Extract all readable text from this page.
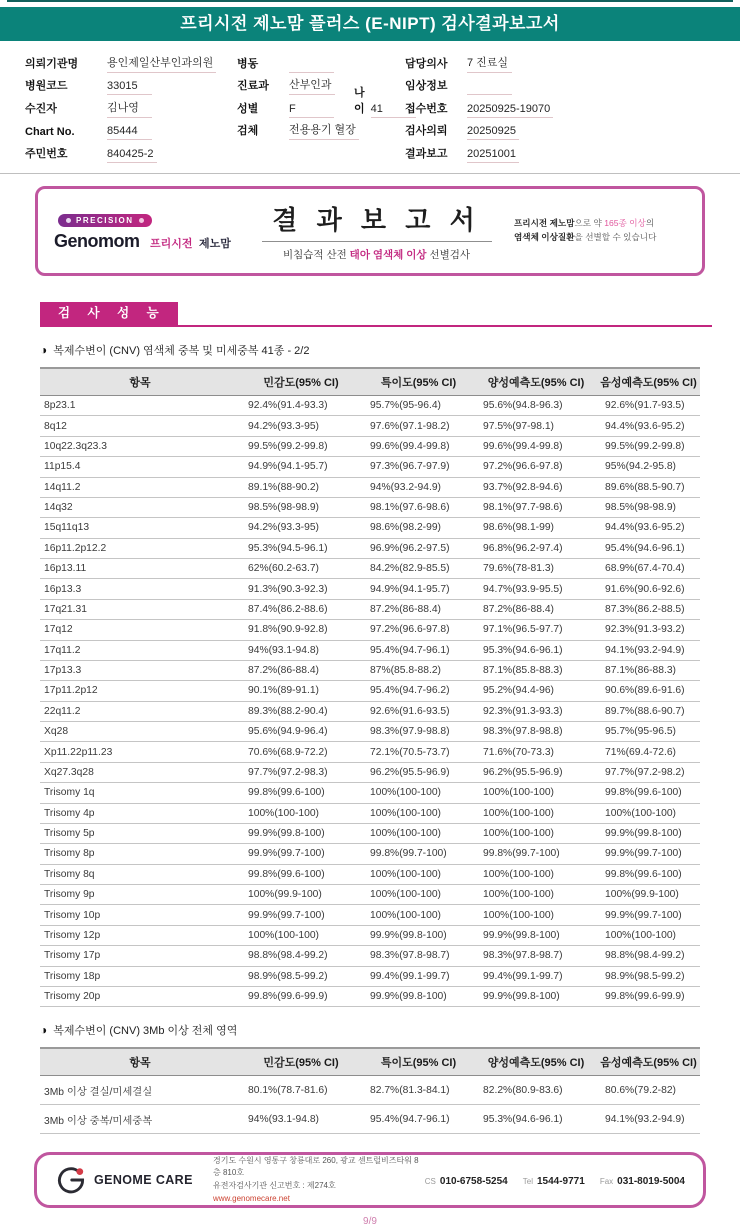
프리시전 제노맘 플러스 (E-NIPT) 검사결과보고서
의뢰기관명	용인제일산부인과의원
병원코드	33015
수진자	김나영
Chart No.	85444
주민번호	840425-2
병동
진료과	산부인과
성별	F
나이 41
검체	전용용기 혈장
담당의사	7 진료실
임상정보
접수번호	20250925-19070
검사의뢰	20250925
결과보고	20251001
PRECISION
Genomom 프리시전 제노맘
결 과 보 고 서
비침습적 산전 태아 염색체 이상 선별검사
프리시전 제노맘으로 약 165종 이상의
염색체 이상질환을 선별할 수 있습니다
검 사 성 능
◑ 복제수변이 (CNV) 염색체 중복 및 미세중복 41종 - 2/2
항목	민감도(95% CI)	특이도(95% CI)	양성예측도(95% CI)	음성예측도(95% CI)
8p23.1	92.4%(91.4-93.3)	95.7%(95-96.4)	95.6%(94.8-96.3)	92.6%(91.7-93.5)
8q12	94.2%(93.3-95)	97.6%(97.1-98.2)	97.5%(97-98.1)	94.4%(93.6-95.2)
10q22.3q23.3	99.5%(99.2-99.8)	99.6%(99.4-99.8)	99.6%(99.4-99.8)	99.5%(99.2-99.8)
11p15.4	94.9%(94.1-95.7)	97.3%(96.7-97.9)	97.2%(96.6-97.8)	95%(94.2-95.8)
14q11.2	89.1%(88-90.2)	94%(93.2-94.9)	93.7%(92.8-94.6)	89.6%(88.5-90.7)
14q32	98.5%(98-98.9)	98.1%(97.6-98.6)	98.1%(97.7-98.6)	98.5%(98-98.9)
15q11q13	94.2%(93.3-95)	98.6%(98.2-99)	98.6%(98.1-99)	94.4%(93.6-95.2)
16p11.2p12.2	95.3%(94.5-96.1)	96.9%(96.2-97.5)	96.8%(96.2-97.4)	95.4%(94.6-96.1)
16p13.11	62%(60.2-63.7)	84.2%(82.9-85.5)	79.6%(78-81.3)	68.9%(67.4-70.4)
16p13.3	91.3%(90.3-92.3)	94.9%(94.1-95.7)	94.7%(93.9-95.5)	91.6%(90.6-92.6)
17q21.31	87.4%(86.2-88.6)	87.2%(86-88.4)	87.2%(86-88.4)	87.3%(86.2-88.5)
17q12	91.8%(90.9-92.8)	97.2%(96.6-97.8)	97.1%(96.5-97.7)	92.3%(91.3-93.2)
17q11.2	94%(93.1-94.8)	95.4%(94.7-96.1)	95.3%(94.6-96.1)	94.1%(93.2-94.9)
17p13.3	87.2%(86-88.4)	87%(85.8-88.2)	87.1%(85.8-88.3)	87.1%(86-88.3)
17p11.2p12	90.1%(89-91.1)	95.4%(94.7-96.2)	95.2%(94.4-96)	90.6%(89.6-91.6)
22q11.2	89.3%(88.2-90.4)	92.6%(91.6-93.5)	92.3%(91.3-93.3)	89.7%(88.6-90.7)
Xq28	95.6%(94.9-96.4)	98.3%(97.9-98.8)	98.3%(97.8-98.8)	95.7%(95-96.5)
Xp11.22p11.23	70.6%(68.9-72.2)	72.1%(70.5-73.7)	71.6%(70-73.3)	71%(69.4-72.6)
Xq27.3q28	97.7%(97.2-98.3)	96.2%(95.5-96.9)	96.2%(95.5-96.9)	97.7%(97.2-98.2)
Trisomy 1q	99.8%(99.6-100)	100%(100-100)	100%(100-100)	99.8%(99.6-100)
Trisomy 4p	100%(100-100)	100%(100-100)	100%(100-100)	100%(100-100)
Trisomy 5p	99.9%(99.8-100)	100%(100-100)	100%(100-100)	99.9%(99.8-100)
Trisomy 8p	99.9%(99.7-100)	99.8%(99.7-100)	99.8%(99.7-100)	99.9%(99.7-100)
Trisomy 8q	99.8%(99.6-100)	100%(100-100)	100%(100-100)	99.8%(99.6-100)
Trisomy 9p	100%(99.9-100)	100%(100-100)	100%(100-100)	100%(99.9-100)
Trisomy 10p	99.9%(99.7-100)	100%(100-100)	100%(100-100)	99.9%(99.7-100)
Trisomy 12p	100%(100-100)	99.9%(99.8-100)	99.9%(99.8-100)	100%(100-100)
Trisomy 17p	98.8%(98.4-99.2)	98.3%(97.8-98.7)	98.3%(97.8-98.7)	98.8%(98.4-99.2)
Trisomy 18p	98.9%(98.5-99.2)	99.4%(99.1-99.7)	99.4%(99.1-99.7)	98.9%(98.5-99.2)
Trisomy 20p	99.8%(99.6-99.9)	99.9%(99.8-100)	99.9%(99.8-100)	99.8%(99.6-99.9)
◑ 복제수변이 (CNV) 3Mb 이상 전체 영역
항목	민감도(95% CI)	특이도(95% CI)	양성예측도(95% CI)	음성예측도(95% CI)
3Mb 이상 결실/미세결실	80.1%(78.7-81.6)	82.7%(81.3-84.1)	82.2%(80.9-83.6)	80.6%(79.2-82)
3Mb 이상 중복/미세중복	94%(93.1-94.8)	95.4%(94.7-96.1)	95.3%(94.6-96.1)	94.1%(93.2-94.9)
GENOME CARE
경기도 수원시 영통구 창룡대로 260, 광교 센트럴비즈타워 8층 810호
유전자검사기관 신고번호 : 제274호
www.genomecare.net
CS 010-6758-5254 Tel 1544-9771 Fax 031-8019-5004
9/9
